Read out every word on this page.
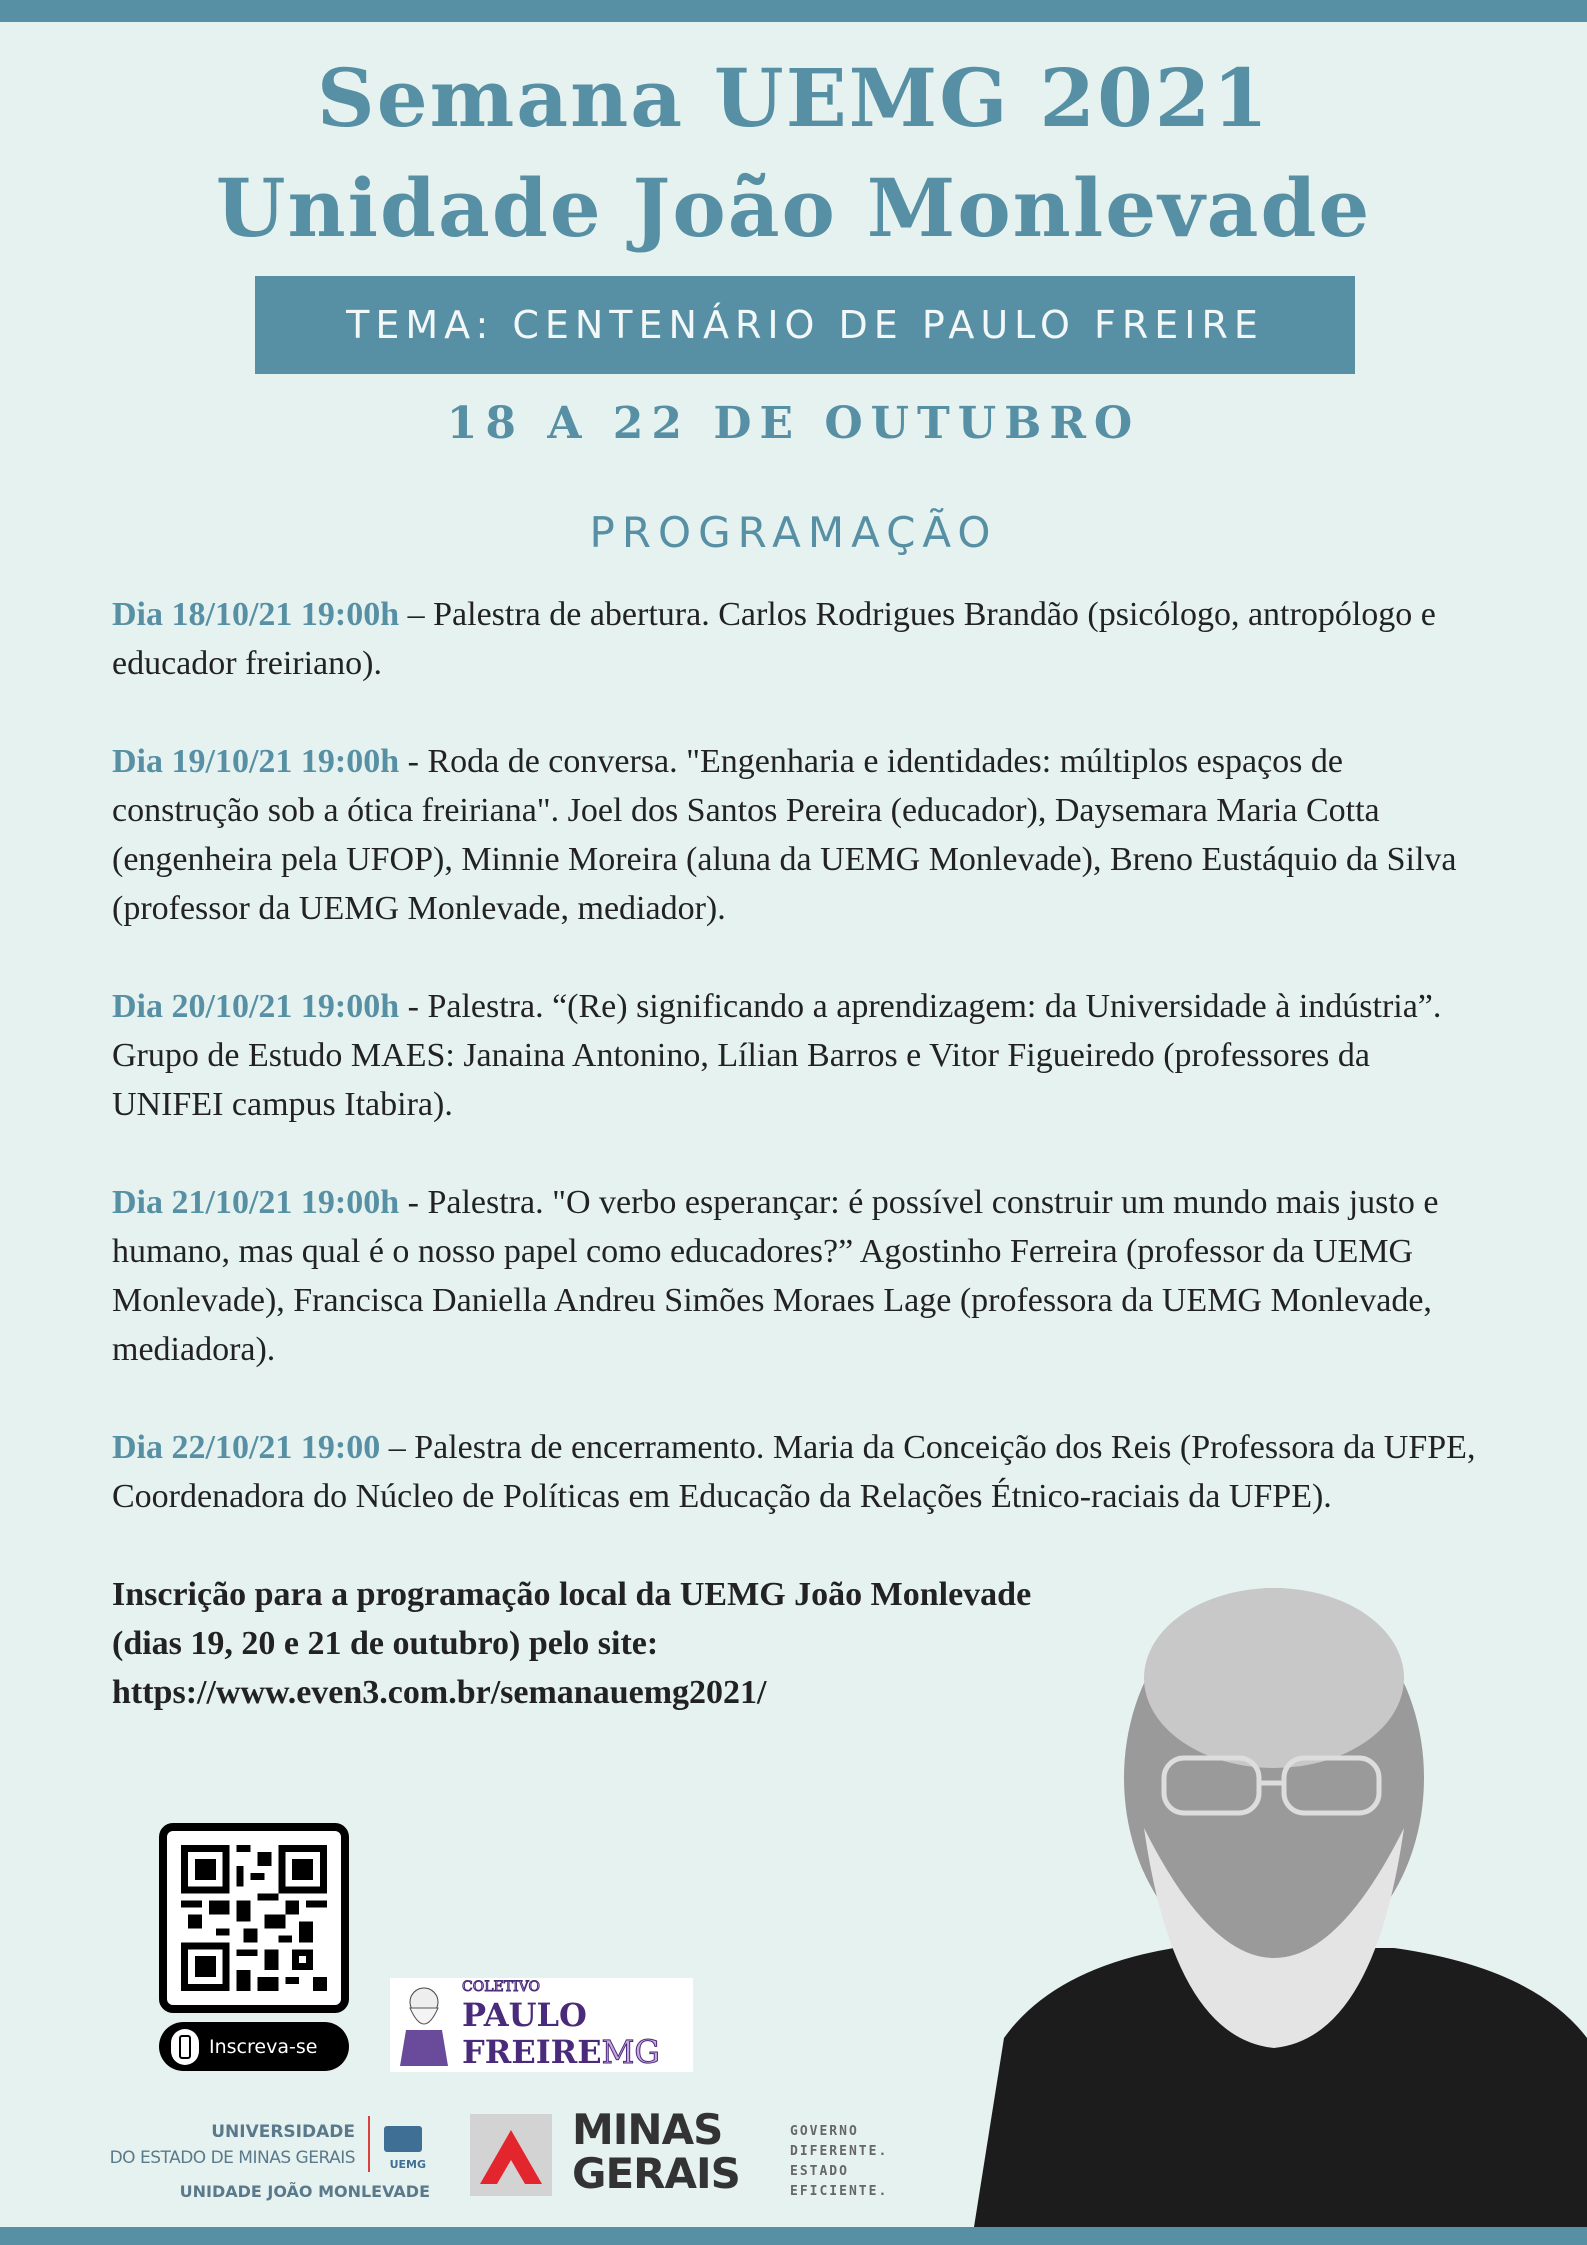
Semana UEMG 2021
Unidade João Monlevade
TEMA: CENTENÁRIO DE PAULO FREIRE
18 A 22 DE OUTUBRO
PROGRAMAÇÃO

Dia 18/10/21 19:00h – Palestra de abertura. Carlos Rodrigues Brandão (psicólogo, antropólogo e educador freiriano).

Dia 19/10/21 19:00h - Roda de conversa. "Engenharia e identidades: múltiplos espaços de construção sob a ótica freiriana". Joel dos Santos Pereira (educador), Daysemara Maria Cotta (engenheira pela UFOP), Minnie Moreira (aluna da UEMG Monlevade), Breno Eustáquio da Silva (professor da UEMG Monlevade, mediador).

Dia 20/10/21 19:00h - Palestra. “(Re) significando a aprendizagem: da Universidade à indústria”. Grupo de Estudo MAES: Janaina Antonino, Lílian Barros e Vitor Figueiredo (professores da UNIFEI campus Itabira).

Dia 21/10/21 19:00h - Palestra. "O verbo esperançar: é possível construir um mundo mais justo e humano, mas qual é o nosso papel como educadores?” Agostinho Ferreira (professor da UEMG Monlevade), Francisca Daniella Andreu Simões Moraes Lage (professora da UEMG Monlevade, mediadora).

Dia 22/10/21 19:00 – Palestra de encerramento. Maria da Conceição dos Reis (Professora da UFPE, Coordenadora do Núcleo de Políticas em Educação da Relações Étnico-raciais da UFPE).

Inscrição para a programação local da UEMG João Monlevade
(dias 19, 20 e 21 de outubro) pelo site:
https://www.even3.com.br/semanauemg2021/
Inscreva-se
COLETIVO
PAULO
FREIREMG
UNIVERSIDADE
DO ESTADO DE MINAS GERAIS	UEMG
UNIDADE JOÃO MONLEVADE
MINAS
GERAIS
GOVERNO
DIFERENTE.
ESTADO
EFICIENTE.
